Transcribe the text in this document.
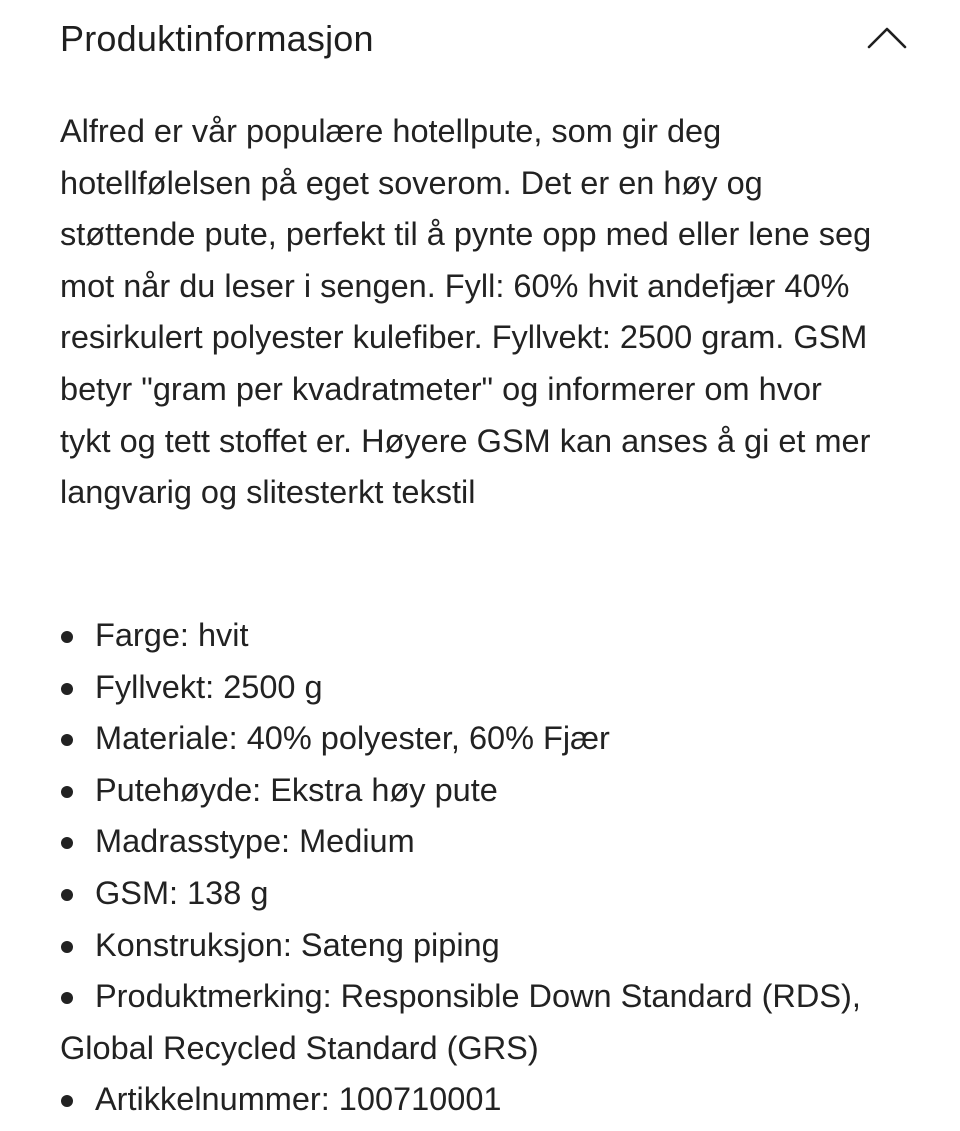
Produktinformasjon

Alfred er vår populære hotellpute, som gir deg hotellfølelsen på eget soverom. Det er en høy og støttende pute, perfekt til å pynte opp med eller lene seg mot når du leser i sengen. Fyll: 60% hvit andefjær 40% resirkulert polyester kulefiber. Fyllvekt: 2500 gram. GSM betyr "gram per kvadratmeter" og informerer om hvor tykt og tett stoffet er. Høyere GSM kan anses å gi et mer langvarig og slitesterkt tekstil

Farge: hvit
Fyllvekt: 2500 g
Materiale: 40% polyester, 60% Fjær
Putehøyde: Ekstra høy pute
Madrasstype: Medium
GSM: 138 g
Konstruksjon: Sateng piping
Produktmerking: Responsible Down Standard (RDS), Global Recycled Standard (GRS)
Artikkelnummer: 100710001
